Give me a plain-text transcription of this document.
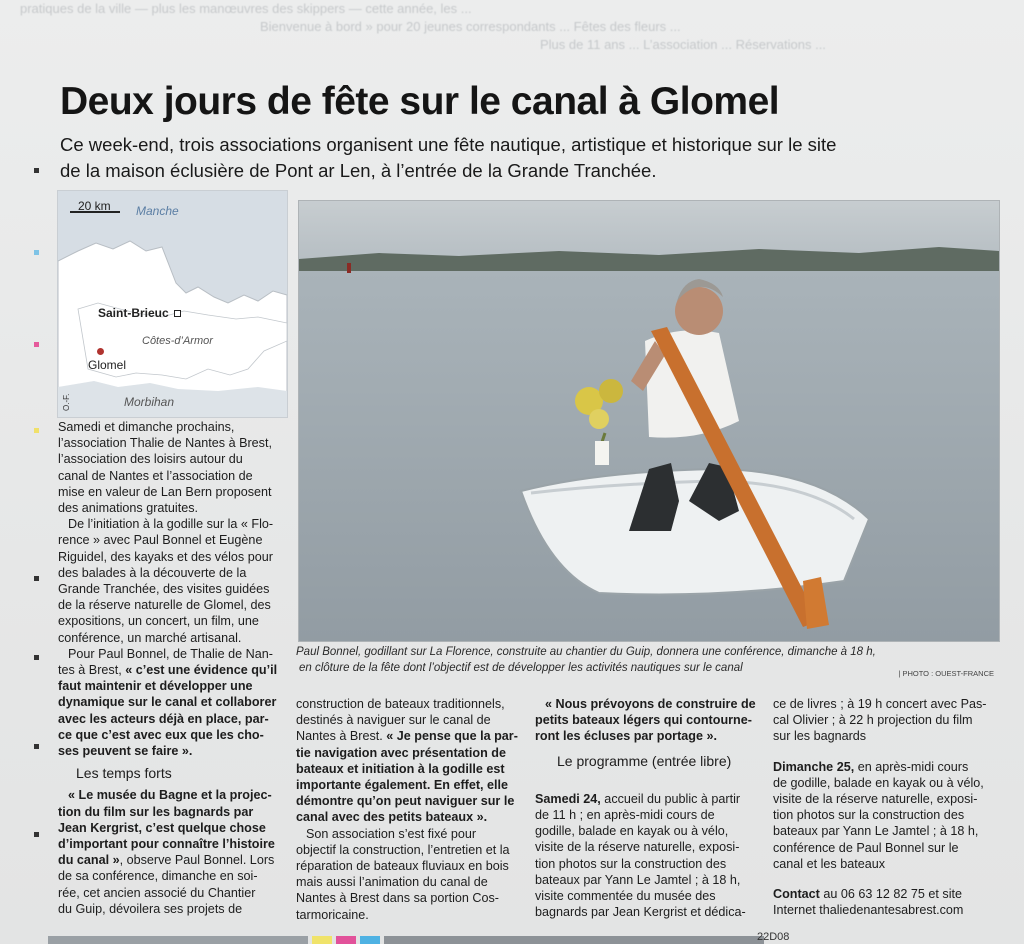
pratiques de la ville — plus les manœuvres des skippers — cette année, les ...
Bienvenue à bord » pour 20 jeunes correspondants ... Fêtes des fleurs ...
Plus de 11 ans ... L’association ... Réservations ...
Deux jours de fête sur le canal à Glomel
Ce week-end, trois associations organisent une fête nautique, artistique et historique sur le site
de la maison éclusière de Pont ar Len, à l’entrée de la Grande Tranchée.
20 km Manche
Saint-Brieuc
Côtes-d’Armor
Glomel
Morbihan
O.-F.
Paul Bonnel, godillant sur La Florence, construite au chantier du Guip, donnera une conférence, dimanche à 18 h,
en clôture de la fête dont l’objectif est de développer les activités nautiques sur le canal	| PHOTO : OUEST-FRANCE

Samedi et dimanche prochains,
l’association Thalie de Nantes à Brest,
l’association des loisirs autour du
canal de Nantes et l’association de
mise en valeur de Lan Bern proposent
des animations gratuites.

De l’initiation à la godille sur la « Flo-
rence » avec Paul Bonnel et Eugène
Riguidel, des kayaks et des vélos pour
des balades à la découverte de la
Grande Tranchée, des visites guidées
de la réserve naturelle de Glomel, des
expositions, un concert, un film, une
conférence, un marché artisanal.

Pour Paul Bonnel, de Thalie de Nan-
tes à Brest, « c’est une évidence qu’il
faut maintenir et développer une
dynamique sur le canal et collaborer
avec les acteurs déjà en place, par-
ce que c’est avec eux que les cho-
ses peuvent se faire ».

Les temps forts

« Le musée du Bagne et la projec-
tion du film sur les bagnards par
Jean Kergrist, c’est quelque chose
d’important pour connaître l’histoire
du canal », observe Paul Bonnel. Lors
de sa conférence, dimanche en soi-
rée, cet ancien associé du Chantier
du Guip, dévoilera ses projets de

construction de bateaux traditionnels,
destinés à naviguer sur le canal de
Nantes à Brest. « Je pense que la par-
tie navigation avec présentation de
bateaux et initiation à la godille est
importante également. En effet, elle
démontre qu’on peut naviguer sur le
canal avec des petits bateaux ».

Son association s’est fixé pour
objectif la construction, l’entretien et la
réparation de bateaux fluviaux en bois
mais aussi l’animation du canal de
Nantes à Brest dans sa portion Cos-
tarmoricaine.

« Nous prévoyons de construire de
petits bateaux légers qui contourne-
ront les écluses par portage ».

Le programme (entrée libre)

Samedi 24, accueil du public à partir
de 11 h ; en après-midi cours de
godille, balade en kayak ou à vélo,
visite de la réserve naturelle, exposi-
tion photos sur la construction des
bateaux par Yann Le Jamtel ; à 18 h,
visite commentée du musée des
bagnards par Jean Kergrist et dédica-

ce de livres ; à 19 h concert avec Pas-
cal Olivier ; à 22 h projection du film
sur les bagnards

Dimanche 25, en après-midi cours
de godille, balade en kayak ou à vélo,
visite de la réserve naturelle, exposi-
tion photos sur la construction des
bateaux par Yann Le Jamtel ; à 18 h,
conférence de Paul Bonnel sur le
canal et les bateaux

Contact au 06 63 12 82 75 et site
Internet thaliedenantesabrest.com

22D08
